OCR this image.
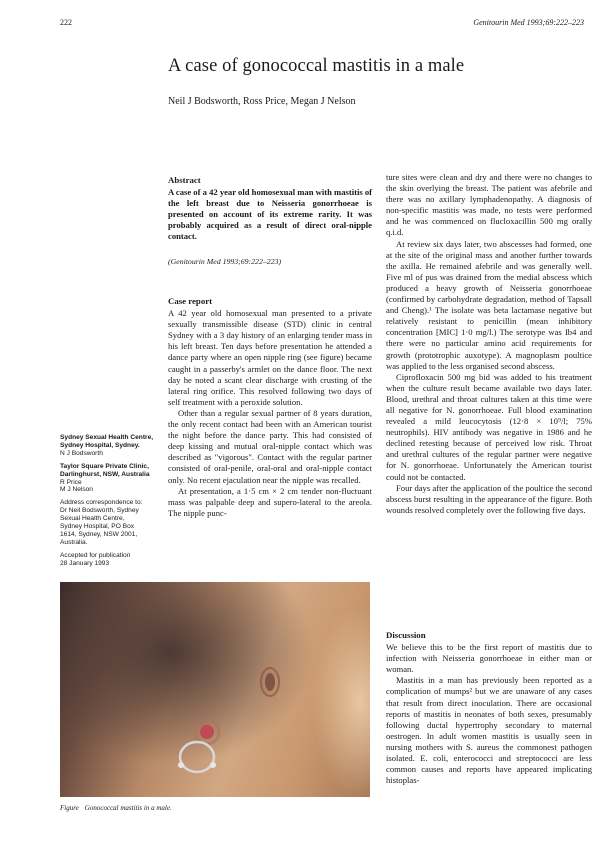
222	Genitourin Med 1993;69:222–223
A case of gonococcal mastitis in a male
Neil J Bodsworth, Ross Price, Megan J Nelson
Abstract

A case of a 42 year old homosexual man with mastitis of the left breast due to Neisseria gonorrhoeae is presented on account of its extreme rarity. It was probably acquired as a result of direct oral-nipple contact.

(Genitourin Med 1993;69:222–223)

Case report

A 42 year old homosexual man presented to a private sexually transmissible disease (STD) clinic in central Sydney with a 3 day history of an enlarging tender mass in his left breast. Ten days before presentation he attended a dance party where an open nipple ring (see figure) became caught in a passerby's armlet on the dance floor. The next day he noted a scant clear discharge with crusting of the lateral ring orifice. This resolved following two days of self treatment with a peroxide solution.

Other than a regular sexual partner of 8 years duration, the only recent contact had been with an American tourist the night before the dance party. This had consisted of deep kissing and mutual oral-nipple contact which was described as "vigorous". Contact with the regular partner consisted of oral-penile, oral-oral and oral-nipple contact only. No recent ejaculation near the nipple was recalled.

At presentation, a 1·5 cm × 2 cm tender non-fluctuant mass was palpable deep and supero-lateral to the areola. The nipple punc-

ture sites were clean and dry and there were no changes to the skin overlying the breast. The patient was afebrile and there was no axillary lymphadenopathy. A diagnosis of non-specific mastitis was made, no tests were performed and he was commenced on flucloxacillin 500 mg orally q.i.d.

At review six days later, two abscesses had formed, one at the site of the original mass and another further towards the axilla. He remained afebrile and was generally well. Five ml of pus was drained from the medial abscess which produced a heavy growth of Neisseria gonorrhoeae (confirmed by carbohydrate degradation, method of Tapsall and Cheng).¹ The isolate was beta lactamase negative but relatively resistant to penicillin (mean inhibitory concentration [MIC] 1·0 mg/l.) The serotype was Ib4 and there were no particular amino acid requirements for growth (prototrophic auxotype). A magnoplasm poultice was applied to the less organised second abscess.

Ciprofloxacin 500 mg bid was added to his treatment when the culture result became available two days later. Blood, urethral and throat cultures taken at this time were all negative for N. gonorrhoeae. Full blood examination revealed a mild leucocytosis (12·8 × 10⁹/l; 75% neutrophils). HIV antibody was negative in 1986 and he declined retesting because of perceived low risk. Throat and urethral cultures of the regular partner were negative for N. gonorrhoeae. Unfortunately the American tourist could not be contacted.

Four days after the application of the poultice the second abscess burst resulting in the appearance of the figure. Both wounds resolved completely over the following five days.

Discussion

We believe this to be the first report of mastitis due to infection with Neisseria gonorrhoeae in either man or woman.

Mastitis in a man has previously been reported as a complication of mumps² but we are unaware of any cases that result from direct inoculation. There are occasional reports of mastitis in neonates of both sexes, presumably following ductal hypertrophy secondary to maternal oestrogen. In adult women mastitis is usually seen in nursing mothers with S. aureus the commonest pathogen isolated. E. coli, enterococci and streptococci are less common causes and reports have appeared implicating histoplas-

Sydney Sexual Health Centre, Sydney Hospital, Sydney.
N J Bodsworth
Taylor Square Private Clinic, Darlinghurst, NSW, Australia
R Price
M J Nelson
Address correspondence to:
Dr Neil Bodsworth, Sydney
Sexual Health Centre,
Sydney Hospital, PO Box
1614, Sydney, NSW 2001,
Australia.
Accepted for publication
28 January 1993
Figure Gonococcal mastitis in a male.
